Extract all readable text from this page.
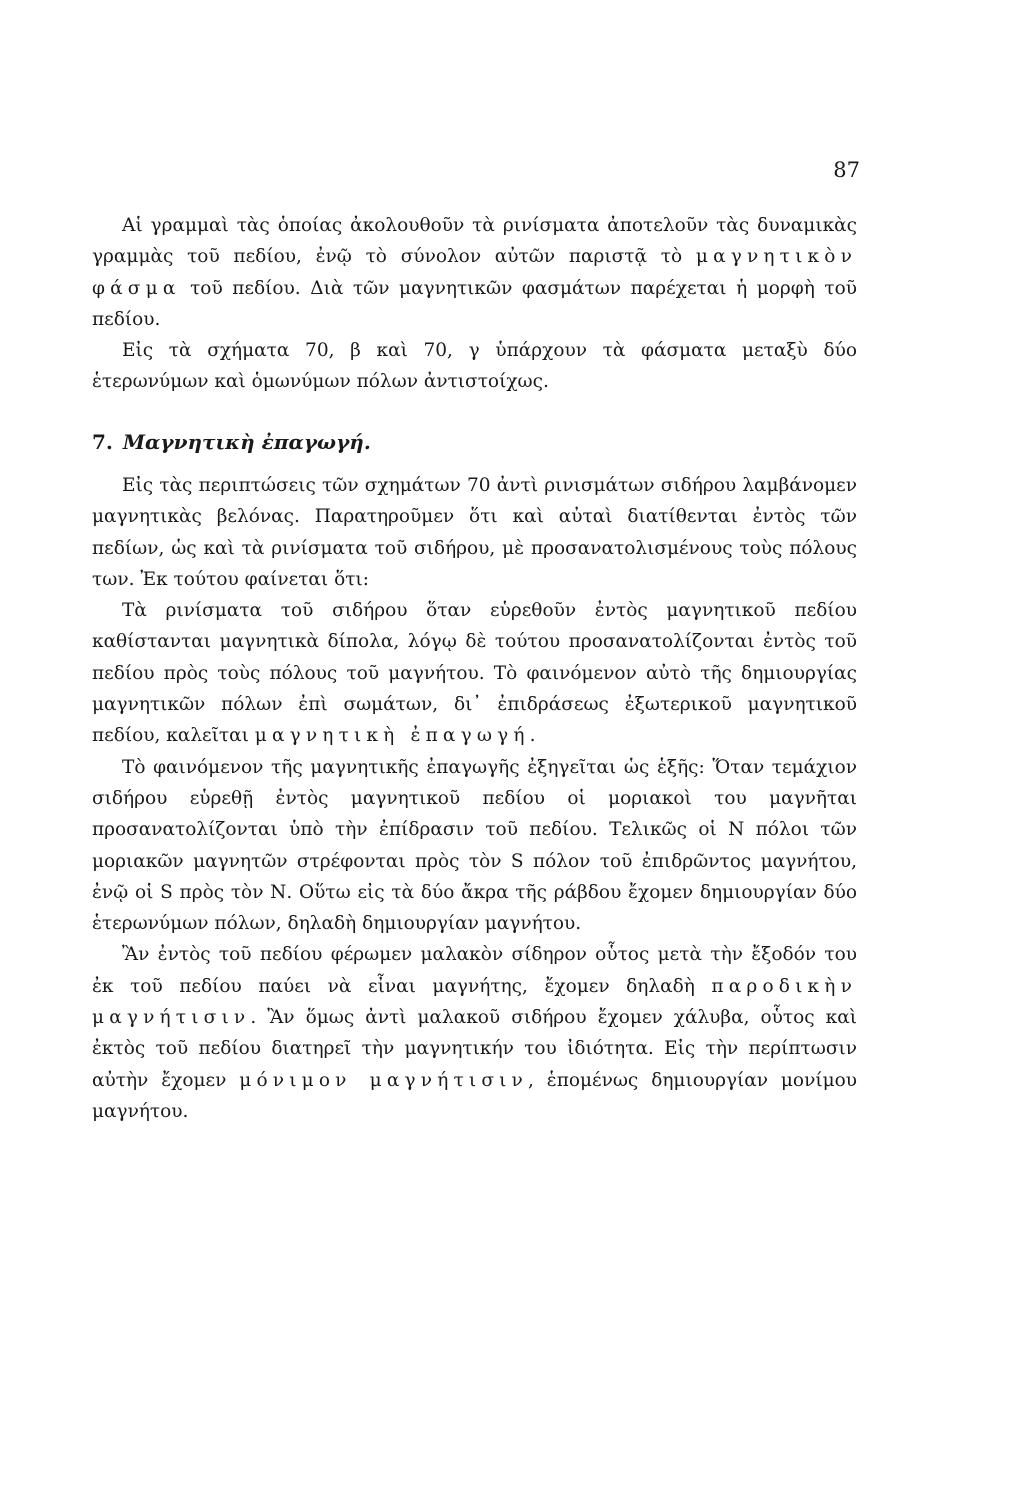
87

Αἱ γραμμαὶ τὰς ὁποίας ἀκολουθοῦν τὰ ρινίσματα ἀποτελοῦν τὰς δυναμικὰς γραμμὰς τοῦ πεδίου, ἐνῷ τὸ σύνολον αὐτῶν παριστᾷ τὸ μαγνητικὸν φάσμα τοῦ πεδίου. Διὰ τῶν μαγνητικῶν φασμάτων παρέχεται ἡ μορφὴ τοῦ πεδίου.

Εἰς τὰ σχήματα 70, β καὶ 70, γ ὑπάρχουν τὰ φάσματα μεταξὺ δύο ἑτερωνύμων καὶ ὁμωνύμων πόλων ἀντιστοίχως.

7. Μαγνητικὴ ἐπαγωγή.

Εἰς τὰς περιπτώσεις τῶν σχημάτων 70 ἀντὶ ρινισμάτων σιδήρου λαμβάνομεν μαγνητικὰς βελόνας. Παρατηροῦμεν ὅτι καὶ αὐταὶ διατίθενται ἐντὸς τῶν πεδίων, ὡς καὶ τὰ ρινίσματα τοῦ σιδήρου, μὲ προσανατολισμένους τοὺς πόλους των. Ἐκ τούτου φαίνεται ὅτι:

Τὰ ρινίσματα τοῦ σιδήρου ὅταν εὑρεθοῦν ἐντὸς μαγνητικοῦ πεδίου καθίστανται μαγνητικὰ δίπολα, λόγῳ δὲ τούτου προσανατολίζονται ἐντὸς τοῦ πεδίου πρὸς τοὺς πόλους τοῦ μαγνήτου. Τὸ φαινόμενον αὐτὸ τῆς δημιουργίας μαγνητικῶν πόλων ἐπὶ σωμάτων, δι᾽ ἐπιδράσεως ἐξωτερικοῦ μαγνητικοῦ πεδίου, καλεῖται μαγνητικὴ ἐπαγωγή.

Τὸ φαινόμενον τῆς μαγνητικῆς ἐπαγωγῆς ἐξηγεῖται ὡς ἑξῆς: Ὅταν τεμάχιον σιδήρου εὑρεθῇ ἐντὸς μαγνητικοῦ πεδίου οἱ μοριακοὶ του μαγνῆται προσανατολίζονται ὑπὸ τὴν ἐπίδρασιν τοῦ πεδίου. Τελικῶς οἱ Ν πόλοι τῶν μοριακῶν μαγνητῶν στρέφονται πρὸς τὸν S πόλον τοῦ ἐπιδρῶντος μαγνήτου, ἐνῷ οἱ S πρὸς τὸν Ν. Οὕτω εἰς τὰ δύο ἄκρα τῆς ράβδου ἔχομεν δημιουργίαν δύο ἑτερωνύμων πόλων, δηλαδὴ δημιουργίαν μαγνήτου.

Ἂν ἐντὸς τοῦ πεδίου φέρωμεν μαλακὸν σίδηρον οὗτος μετὰ τὴν ἔξοδόν του ἐκ τοῦ πεδίου παύει νὰ εἶναι μαγνήτης, ἔχομεν δηλαδὴ παροδικὴν μαγνήτισιν. Ἂν ὅμως ἀντὶ μαλακοῦ σιδήρου ἔχομεν χάλυβα, οὗτος καὶ ἐκτὸς τοῦ πεδίου διατηρεῖ τὴν μαγνητικήν του ἰδιότητα. Εἰς τὴν περίπτωσιν αὐτὴν ἔχομεν μόνιμον μαγνήτισιν, ἑπομένως δημιουργίαν μονίμου μαγνήτου.
